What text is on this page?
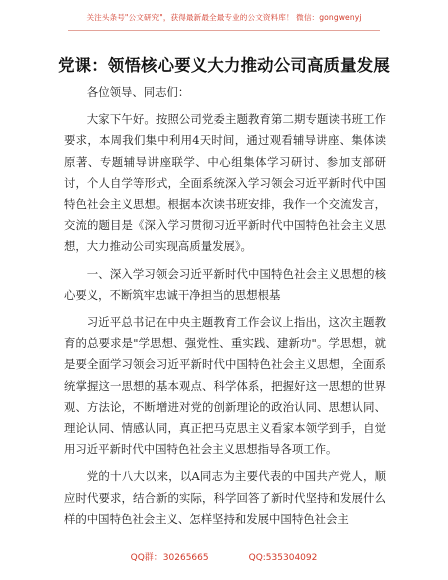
关注头条号"公文研究"，获得最新最全最专业的公文资料库！ 微信：gongwenyj
党课：领悟核心要义大力推动公司高质量发展

各位领导、同志们：

大家下午好。按照公司党委主题教育第二期专题读书班工作要求，本周我们集中利用4天时间，通过观看辅导讲座、集体读原著、专题辅导讲座联学、中心组集体学习研讨、参加支部研讨，个人自学等形式，全面系统深入学习领会习近平新时代中国特色社会主义思想。根据本次读书班安排，我作一个交流发言，交流的题目是《深入学习贯彻习近平新时代中国特色社会主义思想，大力推动公司实现高质量发展》。

一、深入学习领会习近平新时代中国特色社会主义思想的核心要义，不断筑牢忠诚干净担当的思想根基

习近平总书记在中央主题教育工作会议上指出，这次主题教育的总要求是"学思想、强党性、重实践、建新功"。学思想，就是要全面学习领会习近平新时代中国特色社会主义思想，全面系统掌握这一思想的基本观点、科学体系，把握好这一思想的世界观、方法论，不断增进对党的创新理论的政治认同、思想认同、理论认同、情感认同，真正把马克思主义看家本领学到手，自觉用习近平新时代中国特色社会主义思想指导各项工作。

党的十八大以来，以A同志为主要代表的中国共产党人，顺应时代要求，结合新的实际，科学回答了新时代坚持和发展什么样的中国特色社会主义、怎样坚持和发展中国特色社会主

QQ群：30265665	QQ:535304092
